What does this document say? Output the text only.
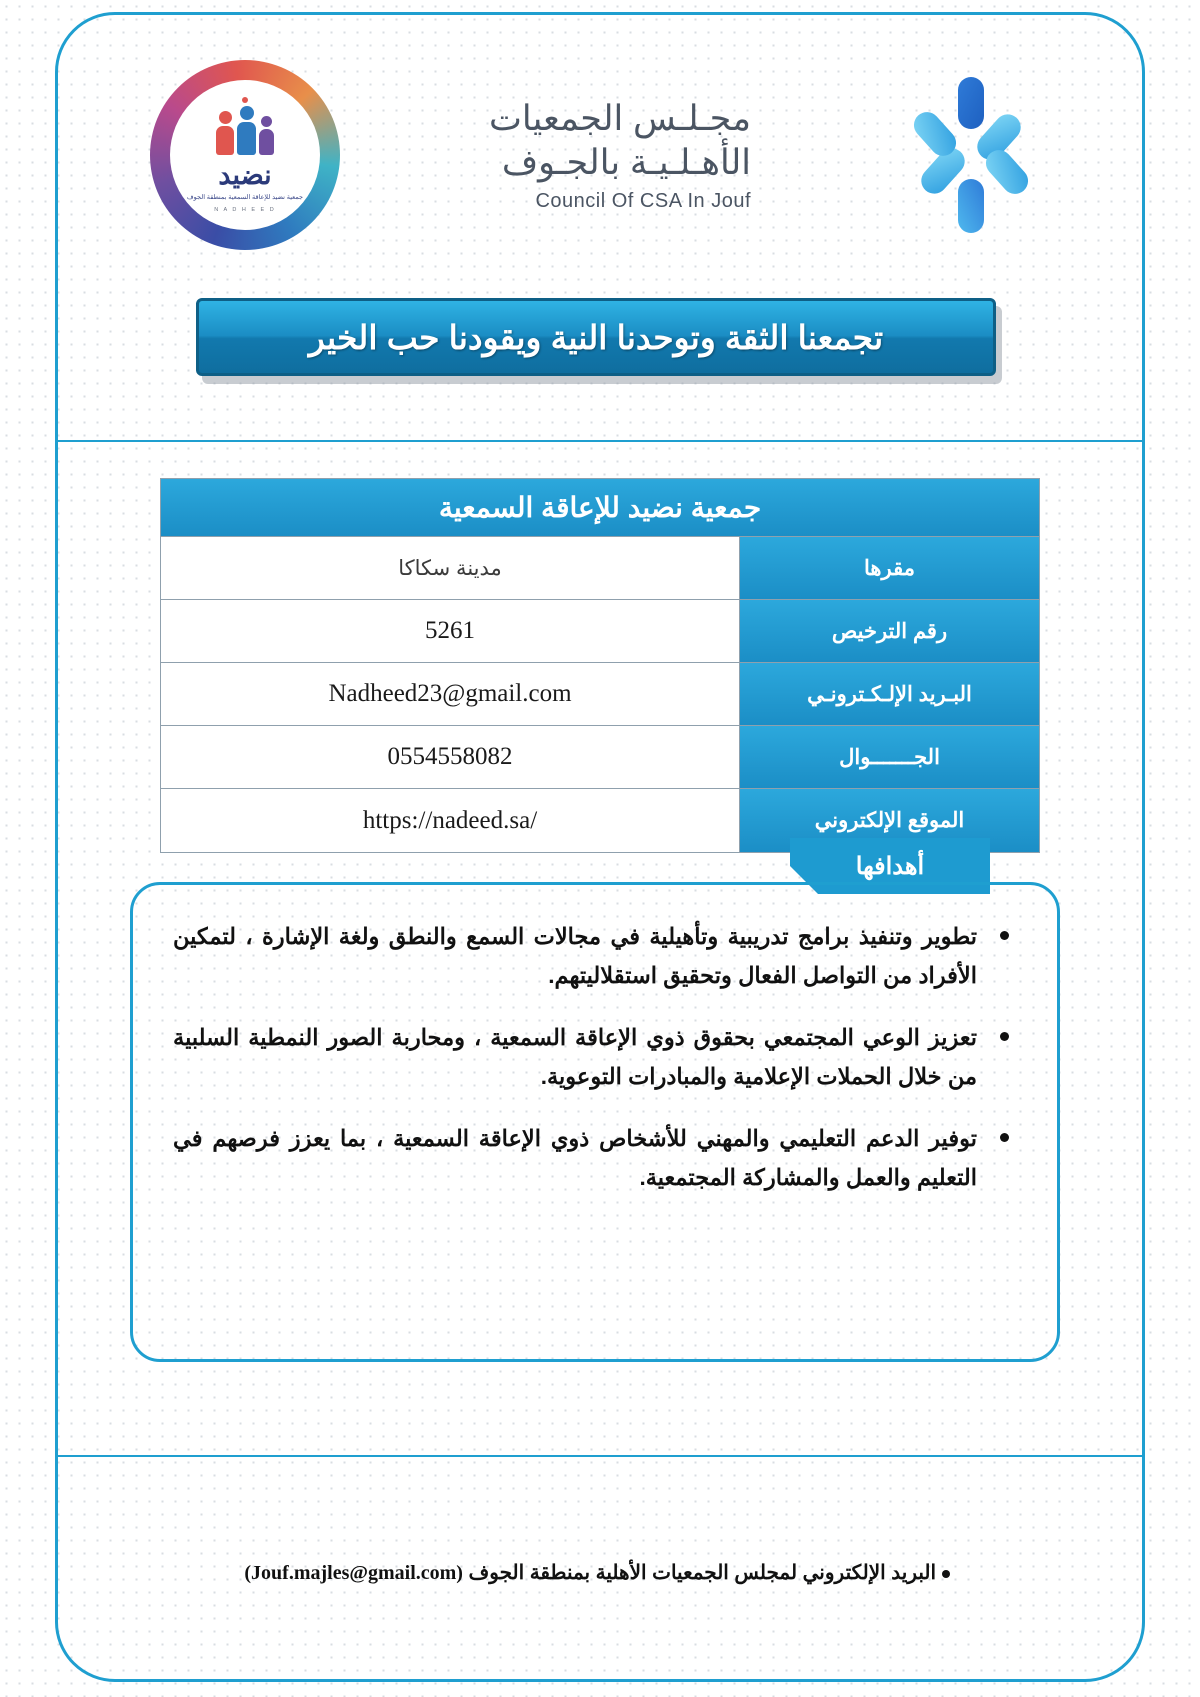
نضيد
جمعية نضيد للإعاقة السمعية بمنطقة الجوف
N A D H E E D
مجـلـس الجمعيات
الأهـلـيـة بالجـوف
Council Of CSA In Jouf
تجمعنا الثقة وتوحدنا النية ويقودنا حب الخير
جمعية نضيد للإعاقة السمعية
مقرها
مدينة سكاكا
رقم الترخيص
5261
البـريد الإلـكـترونـي
Nadheed23@gmail.com
الجـــــــوال
0554558082
الموقع الإلكتروني
/https://nadeed.sa
أهدافها
تطوير وتنفيذ برامج تدريبية وتأهيلية في مجالات السمع والنطق ولغة الإشارة ، لتمكين الأفراد من التواصل الفعال وتحقيق استقلاليتهم.
تعزيز الوعي المجتمعي بحقوق ذوي الإعاقة السمعية ، ومحاربة الصور النمطية السلبية من خلال الحملات الإعلامية والمبادرات التوعوية.
توفير الدعم التعليمي والمهني للأشخاص ذوي الإعاقة السمعية ، بما يعزز فرصهم في التعليم والعمل والمشاركة المجتمعية.
البريد الإلكتروني لمجلس الجمعيات الأهلية بمنطقة الجوف (Jouf.majles@gmail.com)
